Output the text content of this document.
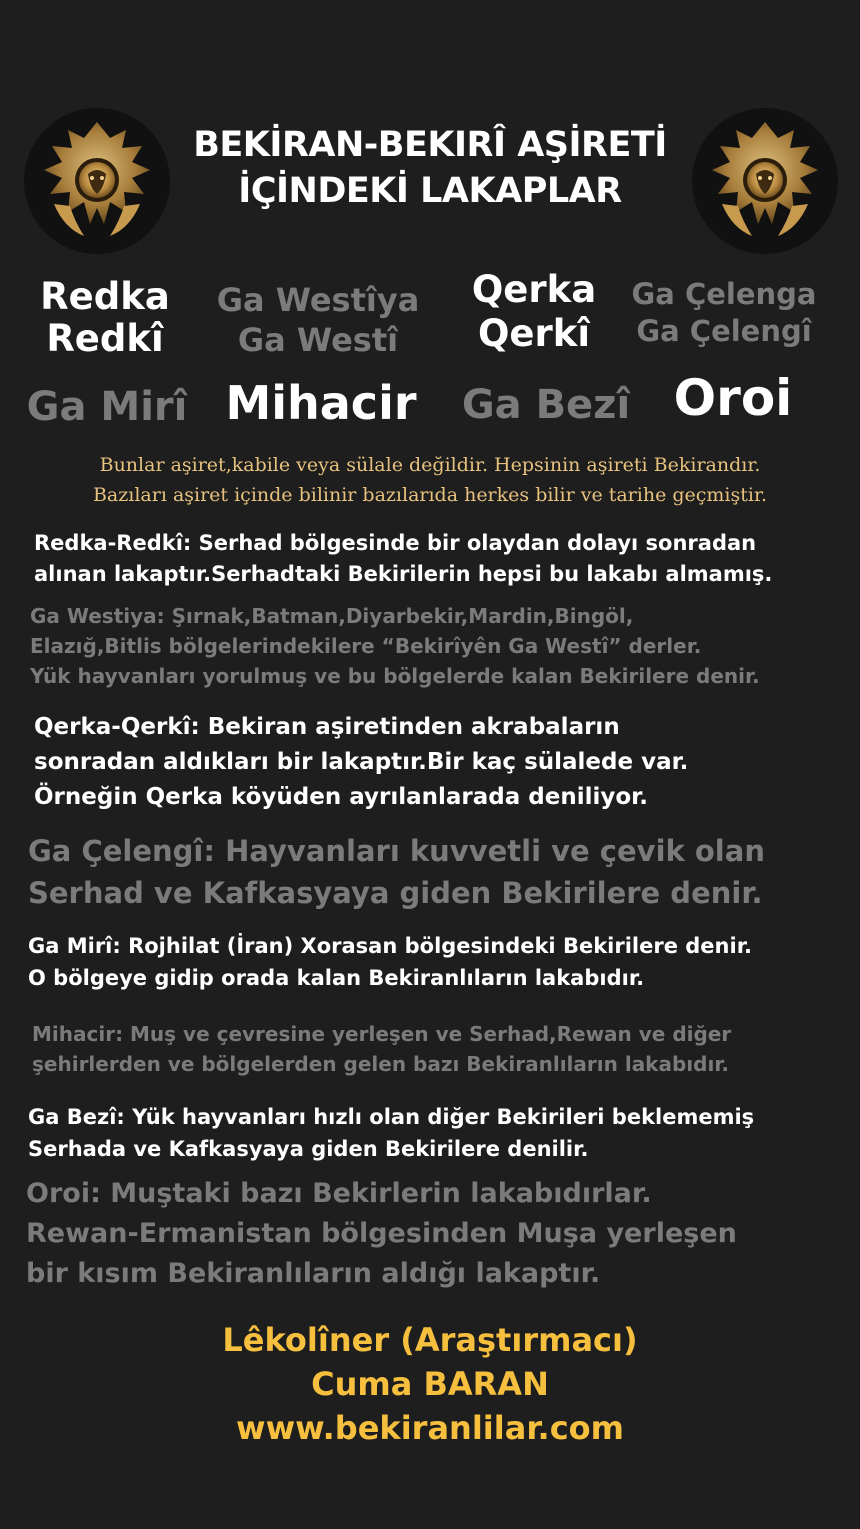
BEKİRAN-BEKIRÎ AŞİRETİ
İÇİNDEKİ LAKAPLAR
Redka
Redkî
Ga Westîya
Ga Westî
Qerka
Qerkî
Ga Çelenga
Ga Çelengî
Ga Mirî Mihacir	Ga Bezî Oroi
Bunlar aşiret,kabile veya sülale değildir. Hepsinin aşireti Bekirandır.
Bazıları aşiret içinde bilinir bazılarıda herkes bilir ve tarihe geçmiştir.
Redka-Redkî: Serhad bölgesinde bir olaydan dolayı sonradan
alınan lakaptır.Serhadtaki Bekirilerin hepsi bu lakabı almamış.
Ga Westiya: Şırnak,Batman,Diyarbekir,Mardin,Bingöl,
Elazığ,Bitlis bölgelerindekilere “Bekirîyên Ga Westî” derler.
Yük hayvanları yorulmuş ve bu bölgelerde kalan Bekirilere denir.
Qerka-Qerkî: Bekiran aşiretinden akrabaların
sonradan aldıkları bir lakaptır.Bir kaç sülalede var.
Örneğin Qerka köyüden ayrılanlarada deniliyor.
Ga Çelengî: Hayvanları kuvvetli ve çevik olan
Serhad ve Kafkasyaya giden Bekirilere denir.
Ga Mirî: Rojhilat (İran) Xorasan bölgesindeki Bekirilere denir.
O bölgeye gidip orada kalan Bekiranlıların lakabıdır.
Mihacir: Muş ve çevresine yerleşen ve Serhad,Rewan ve diğer
şehirlerden ve bölgelerden gelen bazı Bekiranlıların lakabıdır.
Ga Bezî: Yük hayvanları hızlı olan diğer Bekirileri beklememiş
Serhada ve Kafkasyaya giden Bekirilere denilir.
Oroi: Muştaki bazı Bekirlerin lakabıdırlar.
Rewan-Ermanistan bölgesinden Muşa yerleşen
bir kısım Bekiranlıların aldığı lakaptır.
Lêkolîner (Araştırmacı)
Cuma BARAN
www.bekiranlilar.com
